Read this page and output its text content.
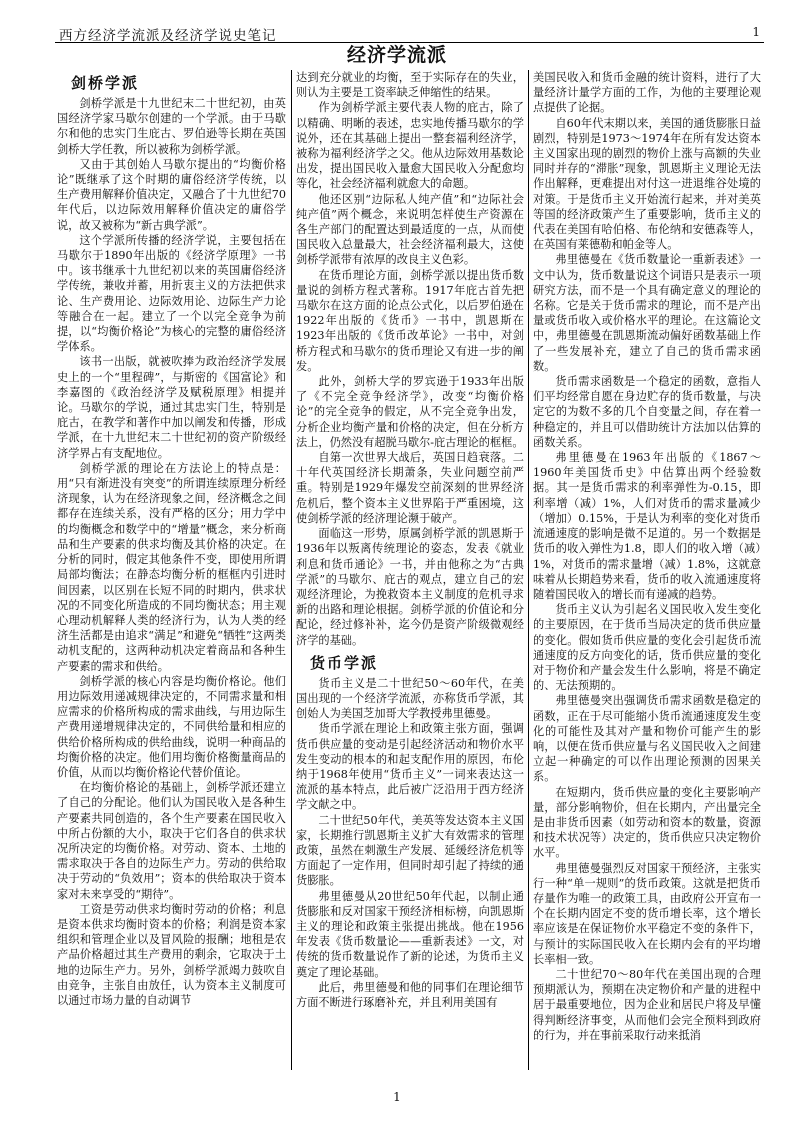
西方经济学流派及经济学说史笔记	1
经济学流派
剑桥学派

剑桥学派是十九世纪末二十世纪初，由英国经济学家马歇尔创建的一个学派。由于马歇尔和他的忠实门生庇古、罗伯逊等长期在英国剑桥大学任教，所以被称为剑桥学派。

又由于其创始人马歇尔提出的“均衡价格论”既继承了这个时期的庸俗经济学传统，以生产费用解释价值决定，又融合了十九世纪70年代后，以边际效用解释价值决定的庸俗学说，故又被称为“新古典学派”。

这个学派所传播的经济学说，主要包括在马歇尔于1890年出版的《经济学原理》一书中。该书继承十九世纪初以来的英国庸俗经济学传统，兼收并蓄，用折衷主义的方法把供求论、生产费用论、边际效用论、边际生产力论等融合在一起。建立了一个以完全竞争为前提，以“均衡价格论”为核心的完整的庸俗经济学体系。

该书一出版，就被吹捧为政治经济学发展史上的一个“里程碑”，与斯密的《国富论》和李嘉图的《政治经济学及赋税原理》相提并论。马歇尔的学说，通过其忠实门生，特别是庇古，在教学和著作中加以阐发和传播，形成学派，在十九世纪末二十世纪初的资产阶级经济学界占有支配地位。

剑桥学派的理论在方法论上的特点是：用“只有渐进没有突变”的所谓连续原理分析经济现象，认为在经济现象之间，经济概念之间都存在连续关系，没有严格的区分；用力学中的均衡概念和数学中的“增量”概念，来分析商品和生产要素的供求均衡及其价格的决定。在分析的同时，假定其他条件不变，即使用所谓局部均衡法；在静态均衡分析的框框内引进时间因素，以区别在长短不同的时期内，供求状况的不同变化所造成的不同均衡状态；用主观心理动机解释人类的经济行为，认为人类的经济生活都是由追求“满足”和避免“牺牲”这两类动机支配的，这两种动机决定着商品和各种生产要素的需求和供给。

剑桥学派的核心内容是均衡价格论。他们用边际效用递减规律决定的，不同需求量和相应需求的价格所构成的需求曲线，与用边际生产费用递增规律决定的，不同供给量和相应的供给价格所构成的供给曲线，说明一种商品的均衡价格的决定。他们用均衡价格衡量商品的价值，从而以均衡价格论代替价值论。

在均衡价格论的基础上，剑桥学派还建立了自己的分配论。他们认为国民收入是各种生产要素共同创造的，各个生产要素在国民收入中所占份额的大小，取决于它们各自的供求状况所决定的均衡价格。对劳动、资本、土地的需求取决于各自的边际生产力。劳动的供给取决于劳动的“负效用”；资本的供给取决于资本家对未来享受的“期待”。

工资是劳动供求均衡时劳动的价格；利息是资本供求均衡时资本的价格；利润是资本家组织和管理企业以及冒风险的报酬；地租是农产品价格超过其生产费用的剩余，它取决于土地的边际生产力。另外，剑桥学派竭力鼓吹自由竞争，主张自由放任，认为资本主义制度可以通过市场力量的自动调节

达到充分就业的均衡，至于实际存在的失业，则认为主要是工资率缺乏伸缩性的结果。

作为剑桥学派主要代表人物的庇古，除了以精确、明晰的表述，忠实地传播马歇尔的学说外，还在其基础上提出一整套福利经济学，被称为福利经济学之父。他从边际效用基数论出发，提出国民收入量愈大国民收入分配愈均等化，社会经济福利就愈大的命题。

他还区别“边际私人纯产值”和“边际社会纯产值”两个概念，来说明怎样使生产资源在各生产部门的配置达到最适度的一点，从而使国民收入总量最大，社会经济福利最大，这使剑桥学派带有浓厚的改良主义色彩。

在货币理论方面，剑桥学派以提出货币数量说的剑桥方程式著称。1917年庇古首先把马歇尔在这方面的论点公式化，以后罗伯逊在1922年出版的《货币》一书中，凯恩斯在1923年出版的《货币改革论》一书中，对剑桥方程式和马歇尔的货币理论又有进一步的阐发。

此外，剑桥大学的罗宾逊于1933年出版了《不完全竞争经济学》，改变“均衡价格论”的完全竞争的假定，从不完全竞争出发，分析企业均衡产量和价格的决定，但在分析方法上，仍然没有超脱马歇尔-庇古理论的框框。

自第一次世界大战后，英国日趋衰落。二十年代英国经济长期萧条，失业问题空前严重。特别是1929年爆发空前深刻的世界经济危机后，整个资本主义世界陷于严重困境，这使剑桥学派的经济理论濒于破产。

面临这一形势，原属剑桥学派的凯恩斯于1936年以叛离传统理论的姿态，发表《就业利息和货币通论》一书，并由他称之为“古典学派”的马歇尔、庇古的观点，建立自己的宏观经济理论，为挽救资本主义制度的危机寻求新的出路和理论根据。剑桥学派的价值论和分配论，经过修补补，迄今仍是资产阶级微观经济学的基础。

货币学派

货币主义是二十世纪50～60年代，在美国出现的一个经济学流派，亦称货币学派，其创始人为美国芝加哥大学教授弗里德曼。

货币学派在理论上和政策主张方面，强调货币供应量的变动是引起经济活动和物价水平发生变动的根本的和起支配作用的原因，布伦纳于1968年使用“货币主义”一词来表达这一流派的基本特点，此后被广泛沿用于西方经济学文献之中。

二十世纪50年代，美英等发达资本主义国家，长期推行凯恩斯主义扩大有效需求的管理政策，虽然在刺激生产发展、延缓经济危机等方面起了一定作用，但同时却引起了持续的通货膨胀。

弗里德曼从20世纪50年代起，以制止通货膨胀和反对国家干预经济相标榜，向凯恩斯主义的理论和政策主张提出挑战。他在1956年发表《货币数量论——重新表述》一文，对传统的货币数量说作了新的论述，为货币主义奠定了理论基础。

此后，弗里德曼和他的同事们在理论细节方面不断进行琢磨补充，并且利用美国有

美国民收入和货币金融的统计资料，进行了大量经济计量学方面的工作，为他的主要理论观点提供了论据。

自60年代末期以来，美国的通货膨胀日益剧烈，特别是1973～1974年在所有发达资本主义国家出现的剧烈的物价上涨与高额的失业同时并存的“滞胀”现象，凯恩斯主义理论无法作出解释，更难提出对付这一进退维谷处境的对策。于是货币主义开始流行起来，并对美英等国的经济政策产生了重要影响，货币主义的代表在美国有哈伯格、布伦纳和安德森等人，在英国有莱德勒和帕金等人。

弗里德曼在《货币数量论一重新表述》一文中认为，货币数量说这个词语只是表示一项研究方法，而不是一个具有确定意义的理论的名称。它是关于货币需求的理论，而不是产出量或货币收入或价格水平的理论。在这篇论文中，弗里德曼在凯恩斯流动偏好函数基础上作了一些发展补充，建立了自己的货币需求函数。

货币需求函数是一个稳定的函数，意指人们平均经常自愿在身边贮存的货币数量，与决定它的为数不多的几个自变量之间，存在着一种稳定的，并且可以借助统计方法加以估算的函数关系。

弗里德曼在1963年出版的《1867～1960年美国货币史》中估算出两个经验数据。其一是货币需求的利率弹性为-0.15，即利率增（减）1%，人们对货币的需求量减少（增加）0.15%，于是认为利率的变化对货币流通速度的影响是微不足道的。另一个数据是货币的收入弹性为1.8，即人们的收入增（减）1%，对货币的需求量增（减）1.8%，这就意味着从长期趋势来看，货币的收入流通速度将随着国民收入的增长而有递减的趋势。

货币主义认为引起名义国民收入发生变化的主要原因，在于货币当局决定的货币供应量的变化。假如货币供应量的变化会引起货币流通速度的反方向变化的话，货币供应量的变化对于物价和产量会发生什么影响，将是不确定的、无法预期的。

弗里德曼突出强调货币需求函数是稳定的函数，正在于尽可能缩小货币流通速度发生变化的可能性及其对产量和物价可能产生的影响，以便在货币供应量与名义国民收入之间建立起一种确定的可以作出理论预测的因果关系。

在短期内，货币供应量的变化主要影响产量，部分影响物价，但在长期内，产出量完全是由非货币因素（如劳动和资本的数量，资源和技术状况等）决定的，货币供应只决定物价水平。

弗里德曼强烈反对国家干预经济，主张实行一种“单一规则”的货币政策。这就是把货币存量作为唯一的政策工具，由政府公开宣布一个在长期内固定不变的货币增长率，这个增长率应该是在保证物价水平稳定不变的条件下，与预计的实际国民收入在长期内会有的平均增长率相一致。

二十世纪70～80年代在美国出现的合理预期派认为，预期在决定物价和产量的进程中居于最重要地位，因为企业和居民户将及早懂得判断经济事变，从而他们会完全预料到政府的行为，并在事前采取行动来抵消

1
